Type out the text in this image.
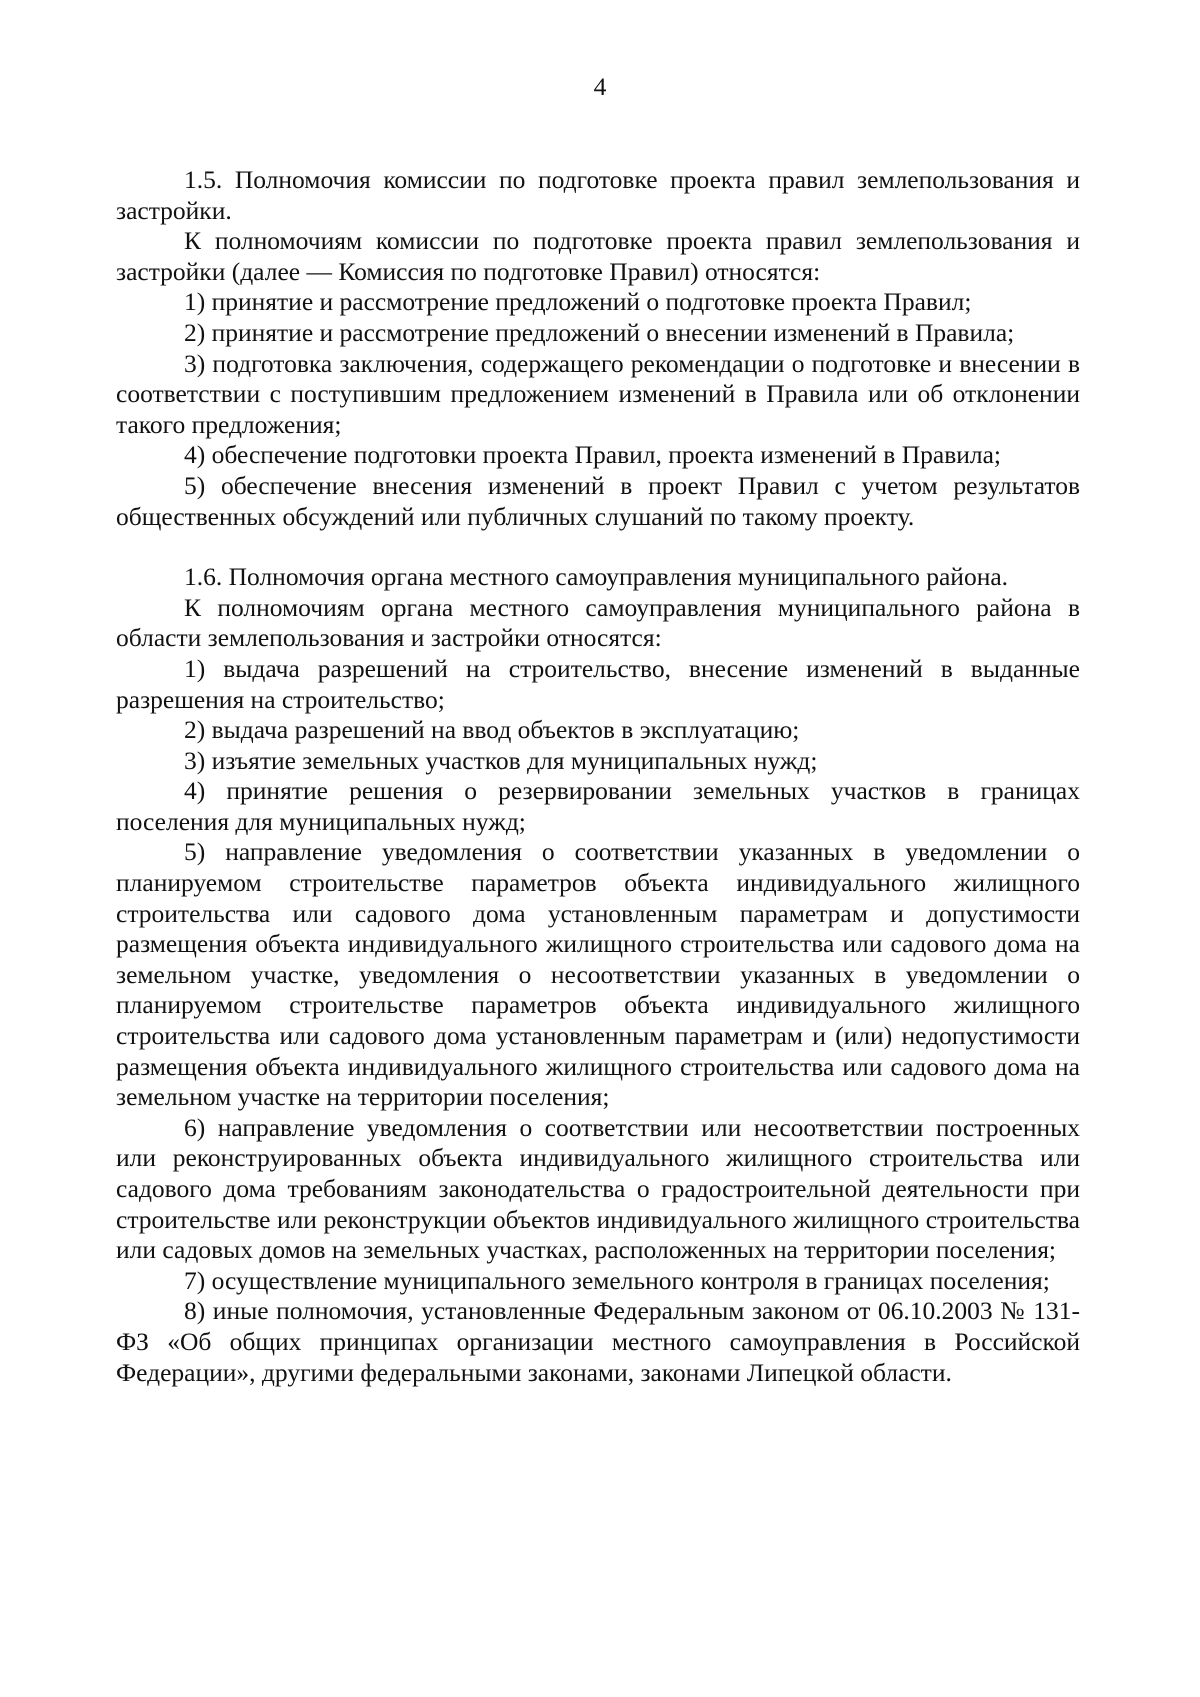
4

1.5. Полномочия комиссии по подготовке проекта правил землепользования и застройки.

К полномочиям комиссии по подготовке проекта правил землепользования и застройки (далее — Комиссия по подготовке Правил) относятся:

1) принятие и рассмотрение предложений о подготовке проекта Правил;

2) принятие и рассмотрение предложений о внесении изменений в Правила;

3) подготовка заключения, содержащего рекомендации о подготовке и внесении в соответствии с поступившим предложением изменений в Правила или об отклонении такого предложения;

4) обеспечение подготовки проекта Правил, проекта изменений в Правила;

5) обеспечение внесения изменений в проект Правил с учетом результатов общественных обсуждений или публичных слушаний по такому проекту.

1.6. Полномочия органа местного самоуправления муниципального района.

К полномочиям органа местного самоуправления муниципального района в области землепользования и застройки относятся:

1) выдача разрешений на строительство, внесение изменений в выданные разрешения на строительство;

2) выдача разрешений на ввод объектов в эксплуатацию;

3) изъятие земельных участков для муниципальных нужд;

4) принятие решения о резервировании земельных участков в границах поселения для муниципальных нужд;

5) направление уведомления о соответствии указанных в уведомлении о планируемом строительстве параметров объекта индивидуального жилищного строительства или садового дома установленным параметрам и допустимости размещения объекта индивидуального жилищного строительства или садового дома на земельном участке, уведомления о несоответствии указанных в уведомлении о планируемом строительстве параметров объекта индивидуального жилищного строительства или садового дома установленным параметрам и (или) недопустимости размещения объекта индивидуального жилищного строительства или садового дома на земельном участке на территории поселения;

6) направление уведомления о соответствии или несоответствии построенных или реконструированных объекта индивидуального жилищного строительства или садового дома требованиям законодательства о градостроительной деятельности при строительстве или реконструкции объектов индивидуального жилищного строительства или садовых домов на земельных участках, расположенных на территории поселения;

7) осуществление муниципального земельного контроля в границах поселения;

8) иные полномочия, установленные Федеральным законом от 06.10.2003 № 131-ФЗ «Об общих принципах организации местного самоуправления в Российской Федерации», другими федеральными законами, законами Липецкой области.
